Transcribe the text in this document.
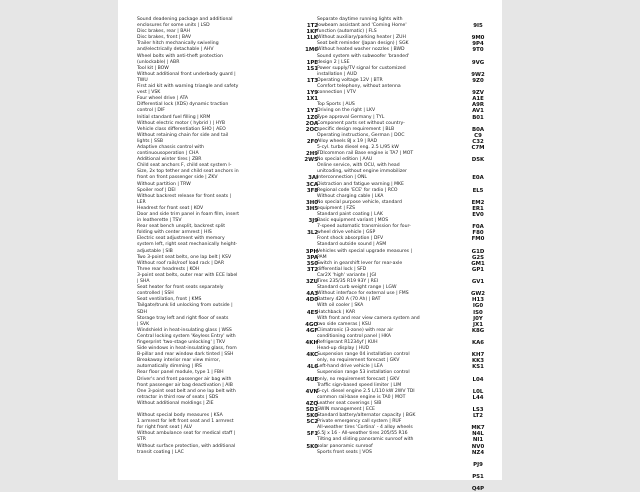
Sound deadening package and additional
enclosures for some units | LSD
Disc brakes, rear | BAH
Disc brakes, front | BAV
Trailer hitch mechanically swiveling
and/electrically detachable | AHV
Wheel bolts with anti-theft protection
(unlockable) | ABR
Tool kit | BOW
Without additional front underbody guard |
TWU
First aid kit with warning triangle and safety
vest | VSK
Four wheel drive | ATA
Differential lock (XDS) dynamic traction
control | DIF
Initial standard fuel filling | KRM
Without electric motor ( hybrid ) | HYB
Vehicle class differentiation SHO | AEO
Without retaining chain for side and tail
lights | SSB
Adaptive chassis control with
continuousoperation | CHA
Additional winter tires | ZBR
Child seat anchors F, child seat system I-
Size, 2x top tether and child seat anchors in
front on front passenger side | ZKV
Without partition | TRW
Spoiler roof | DEI
Without backrest release for front seats |
LER
Headrest for front seat | KOV
Door and side trim panel in foam film, insert
in leatherette | TSV
Rear seat bench unsplit, backrest split
folding with center armrest | HIS
Electric seat adjustment with memory
system left, right seat mechanically height-
adjustable | SIB
Two 3-point seat belts, one lap belt | KSV
Without roof rails/roof load rack | DAR
Three rear headrests | KOH
3-point seat belts, outer rear with ECE label
| SHA
Seat heater for front seats separately
controlled | SSH
Seat ventilation, front | KMS
Tailgate/trunk lid unlocking from outside |
SDH
Storage tray left and right floor of seats
| SVK
Windshield in heat-insulating glass | WSS
Central locking system 'Keyless Entry' with
fingerprint 'two-stage unlocking' | TKV
Side windows in heat-insulating glass, from
B-pillar and rear window dark tinted | SSH
Breakaway interior rear view mirror,
automatically dimming | IRS
Rear floor panel module, type 1 | FBH
Driver's and front passenger air bag with
front passenger air bag deactivation | AIB
One 3-point seat belt and one lap belt with
retractor in third row of seats | SDS
Without additional moldings | ZIE
Without special body measures | KSA
1 armrest for left front seat and 1 armrest
for right front seat | ALV
Without ambulance seat for medical staff |
STR
Without surface protection, with additional
transit coating | LAC
1T2
1KF
1LK
1M6
1PE
1S1
1T3
1Y9
1X1
1Y1
1Z0
2OA
2OC
2F0
2H9
2WS
3AI
3CA
3F8
3H0
3H5
3J9
3L2
3PH
3PA
3S0
3T2
3ZU
4A3
4D0
4E5
4GO
4GF
4KH
4KC
4L6
4UE
4VN
4ZQ
5D1
5K0
5C2
5F1
5K0
Separate daytime running lights with
lowbeam assistant and 'Coming Home'
function (automatic) | FLS
Without auxiliary/parking heater | ZUH
Seat belt reminder (Japan design) | SGK
Without heated washer nozzles | BWD
Sound system with subwoofer 'branded'
design 2 | LSE
Power supply/TV signal for customized
installation | AUD
Operating voltage 12V | BTR
Comfort telephony, without antenna
connection | VTV
Top Sports | AUS
Driving on the right | LKV
Type approval Germany | TYL
Component parts set without country-
specific design requirement | BLB
Operating instructions, German | DOC
Alloy wheels 8J x 19 | RAD
5-cyl. turbo diesel eng. 2.5 L/95 kW
TDIcommon rail Base engine is TA7 | MOT
No special edition | AAU
Online service, with OCU, with head
unitcoding, without engine immobilizer
interconnection | ONL
Distraction and fatigue warning | MKE
Regional code 'ECE' for radio | RCO
Without charging cable | LKA
No special purpose vehicle, standard
equipment | FZS
Standard paint coating | LAK
Basic equipment variant | MOS
7-speed automatic transmission for four-
wheel drive vehicle | GSP
Front shock absorption | DFV
Standard outside sound | ASM
Vehicles with special upgrade measures |
PAM
Switch in gearshift lever for rear-axle
differential lock | SFD
Car2X 'high' variante | JGI
Tires 235/35 R19 93Y | REI
Standard curb weight range | LGW
Without interface for external use | FMS
Battery 420 A (70 Ah) | BAT
With oil cooler | SKA
Hatchback | KAR
With front and rear view camera system and
two side cameras | KSU
Climatronic (3-zone) with rear air
conditioning control panel | HKA
Refrigerant R1234yf | KUH
Head-up display | HUD
Suspension range 04 installation control
only, no requirement forecast | GKV
Left-hand drive vehicle | LEA
Suspension range 53 installation control
only, no requirement forecast | GKV
Traffic sign-based speed limiter | LIM
5-cyl. diesel engine 2.5 L/110 kW 2WV TDI
common rail-base engine is TA0 | MOT
Leather seat coverings | SIB
SWIN management | ECE
Standard battery/alternator capacity | BGK
Private emergency call system | RUF
All-weather tires 'Cortina' - 4 alloy wheels
6.5J x 16 - All-weather tires 205/55 R16
Tilting and sliding panoramic sunroof with
solar panoramic sunroof
Sports front seats | VOS
9I5
9M0
9P4
9T0
9VG
9W2
9Z0
9ZV
A1E
A9R
AV1
B01
B0A
C9
C32
C7M
D5K
E0A
EL5
EM2
ER1
EV0
F0A
F80
FM0
G1D
G2S
GM1
GP1
GV1
GW2
H13
IG0
IS0
J0Y
JX1
K8G
KA6
KH7
KK3
KS1
L04
L0L
L44
LS3
LT2
MK7
N4L
NI1
NV0
NZ4
PJ9
PS1
Q4P
